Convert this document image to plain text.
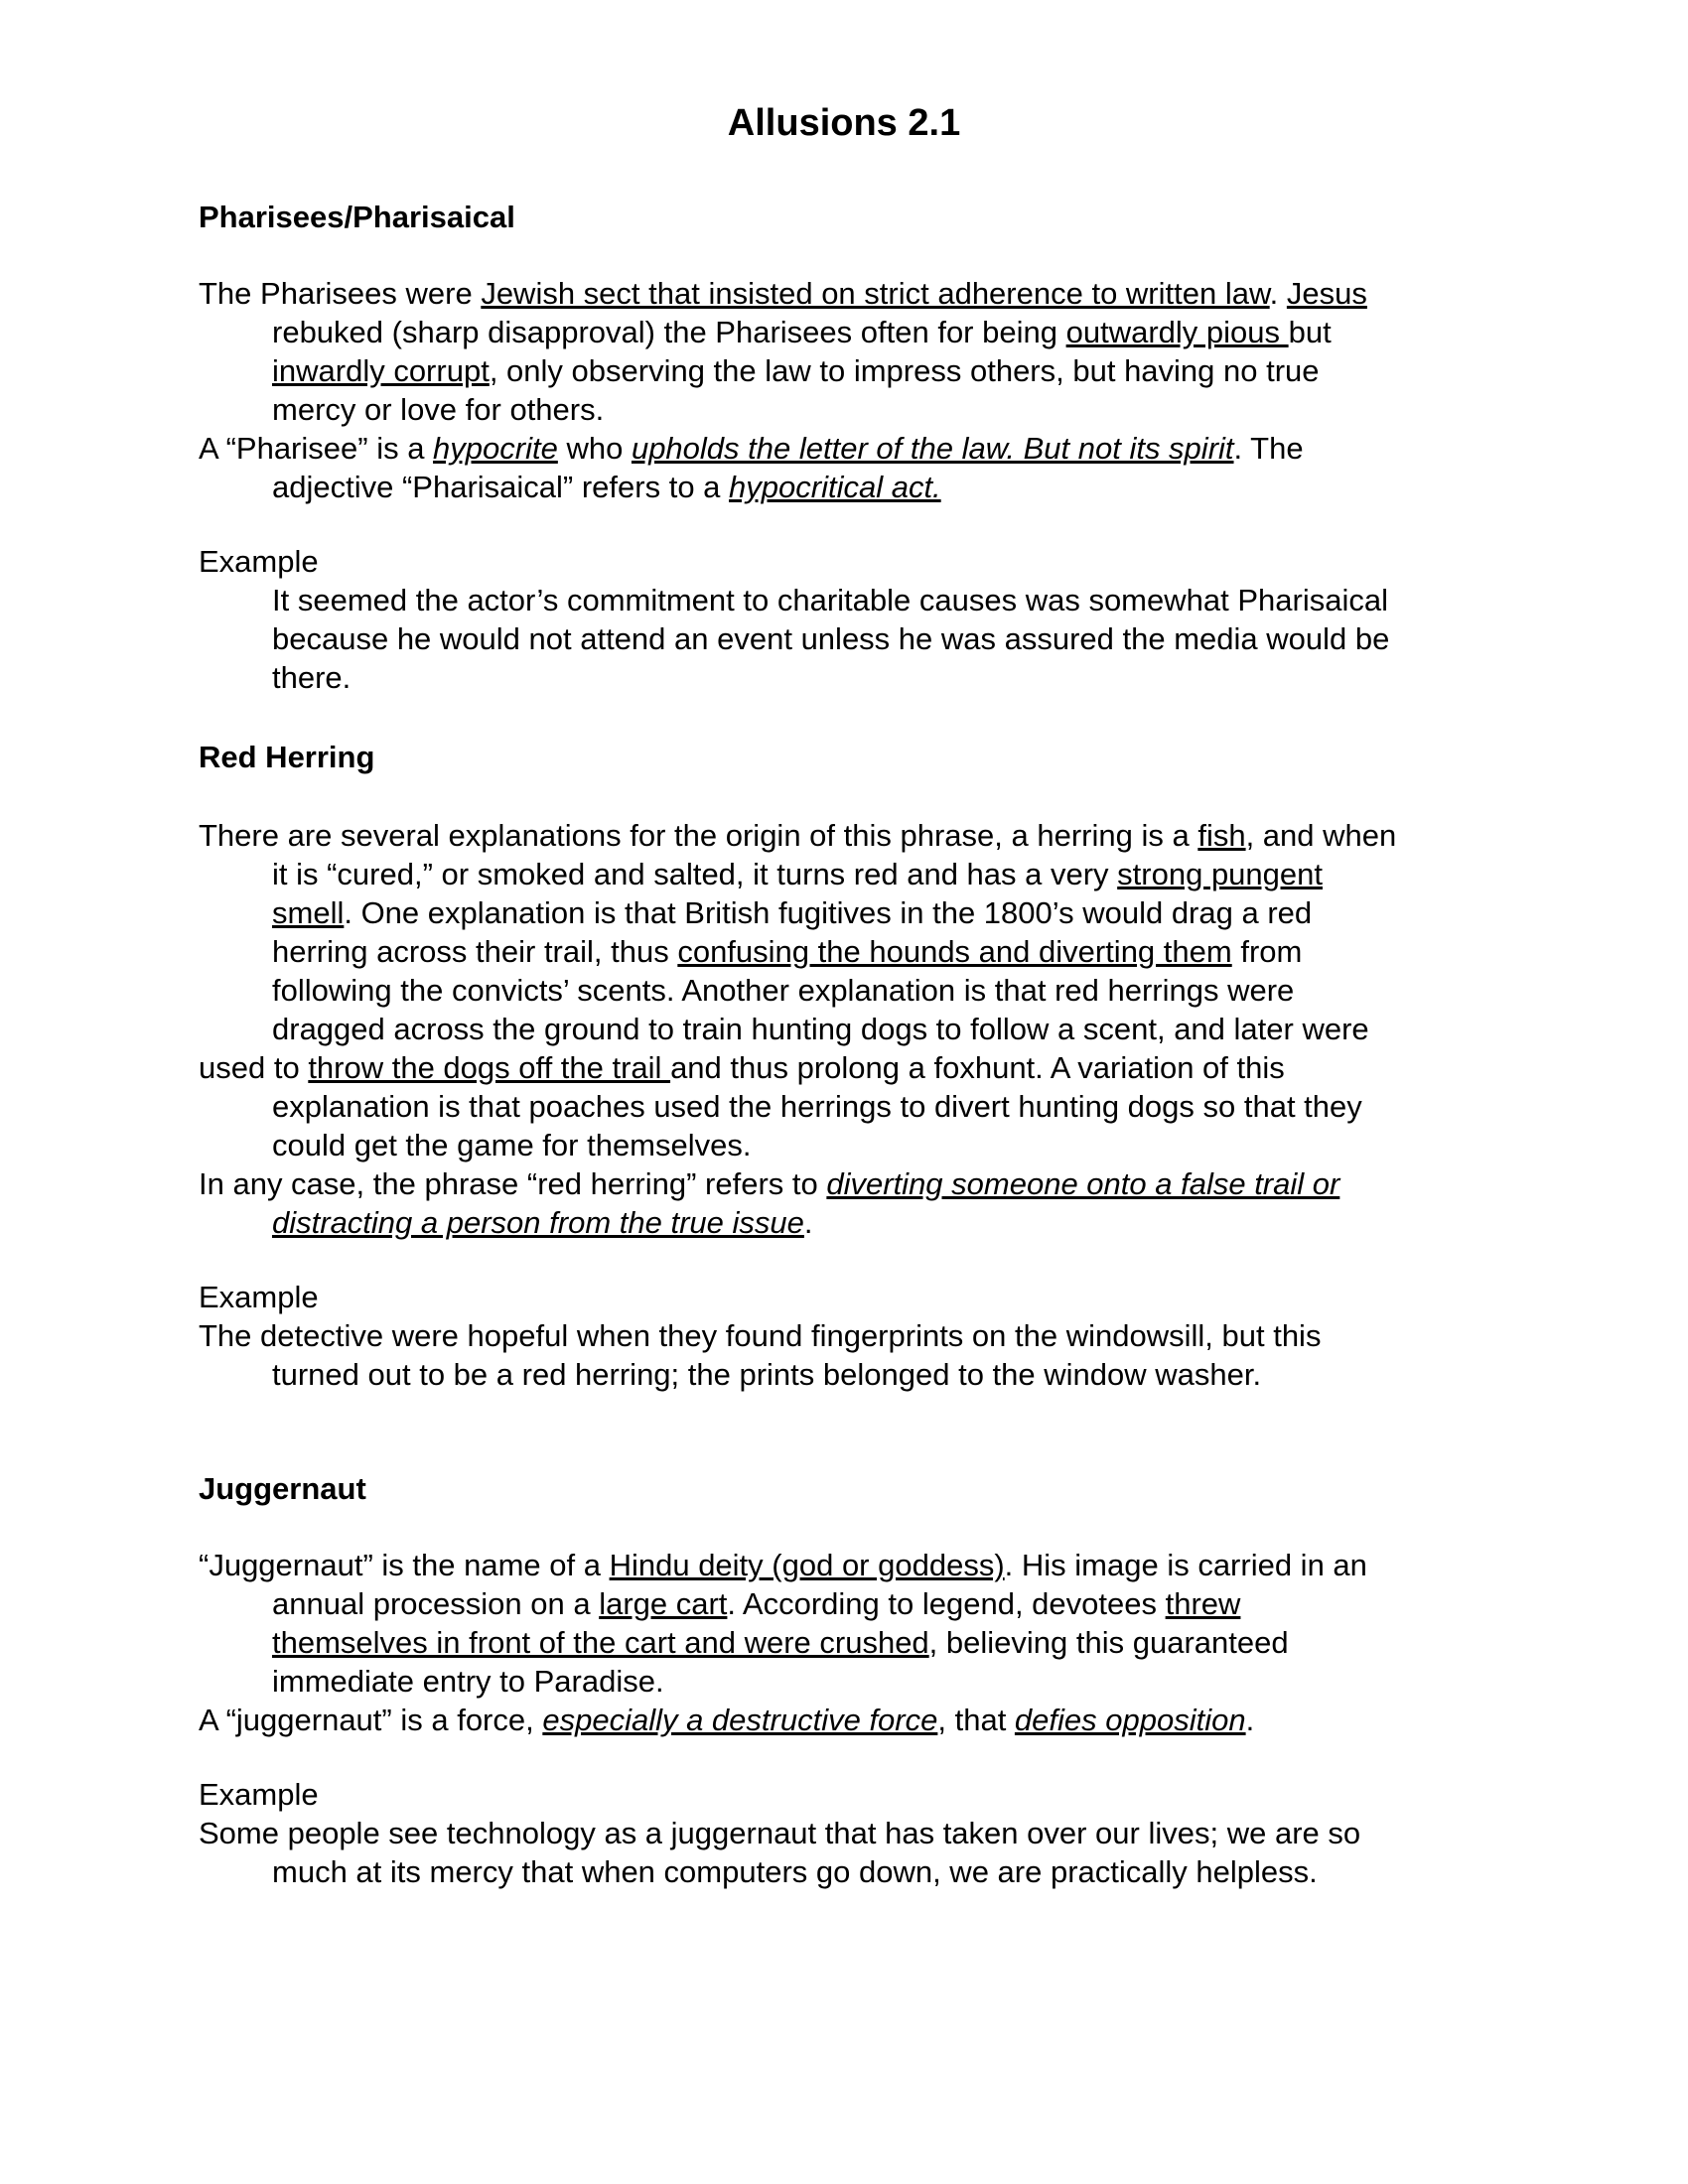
Allusions 2.1
Pharisees/Pharisaical
The Pharisees were Jewish sect that insisted on strict adherence to written law. Jesus
rebuked (sharp disapproval) the Pharisees often for being outwardly pious but
inwardly corrupt, only observing the law to impress others, but having no true
mercy or love for others.
A “Pharisee” is a hypocrite who upholds the letter of the law. But not its spirit. The
adjective “Pharisaical” refers to a hypocritical act.

Example

It seemed the actor’s commitment to charitable causes was somewhat Pharisaical
because he would not attend an event unless he was assured the media would be
there.
Red Herring
There are several explanations for the origin of this phrase, a herring is a fish, and when
it is “cured,” or smoked and salted, it turns red and has a very strong pungent
smell. One explanation is that British fugitives in the 1800’s would drag a red
herring across their trail, thus confusing the hounds and diverting them from
following the convicts’ scents. Another explanation is that red herrings were
dragged across the ground to train hunting dogs to follow a scent, and later were
used to throw the dogs off the trail and thus prolong a foxhunt. A variation of this
explanation is that poaches used the herrings to divert hunting dogs so that they
could get the game for themselves.
In any case, the phrase “red herring” refers to diverting someone onto a false trail or
distracting a person from the true issue.

Example

The detective were hopeful when they found fingerprints on the windowsill, but this
turned out to be a red herring; the prints belonged to the window washer.
Juggernaut
“Juggernaut” is the name of a Hindu deity (god or goddess). His image is carried in an
annual procession on a large cart. According to legend, devotees threw
themselves in front of the cart and were crushed, believing this guaranteed
immediate entry to Paradise.
A “juggernaut” is a force, especially a destructive force, that defies opposition.

Example

Some people see technology as a juggernaut that has taken over our lives; we are so
much at its mercy that when computers go down, we are practically helpless.
